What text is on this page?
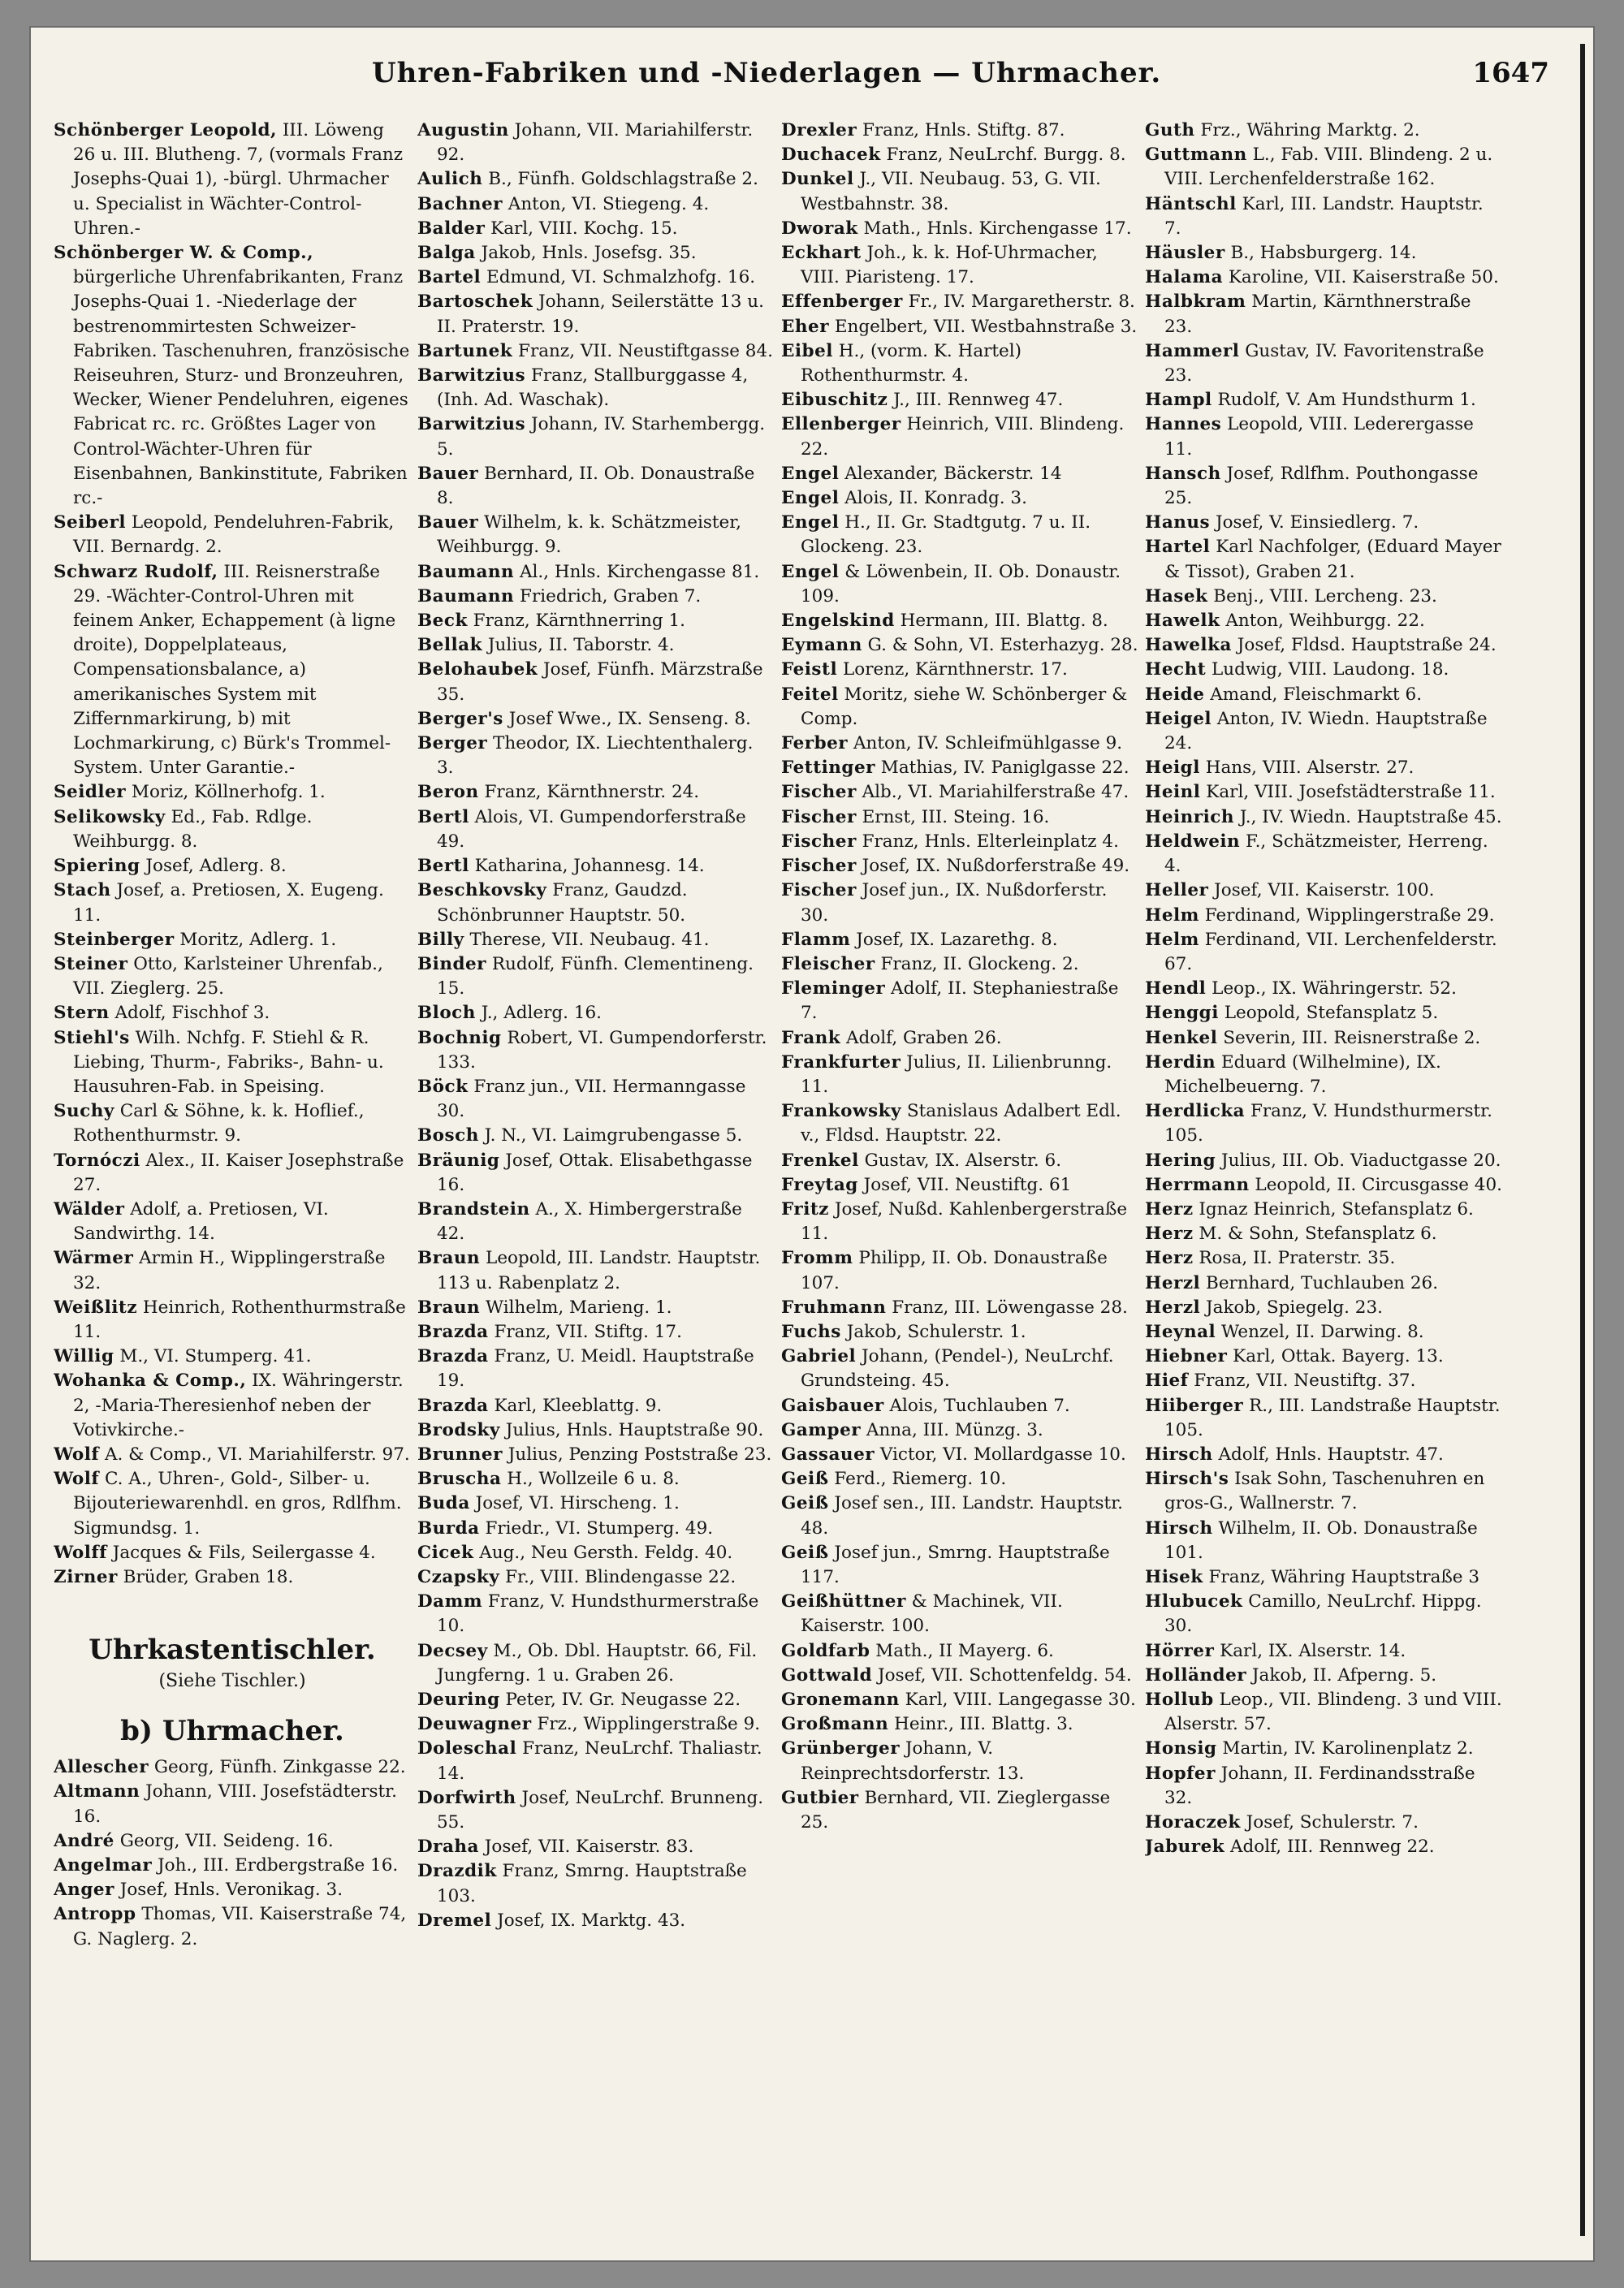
Uhren-Fabriken und -Niederlagen — Uhrmacher.	1647

Schönberger Leopold, III. Löweng 26 u. III. Blutheng. 7, (vormals Franz Josephs-Quai 1), -bürgl. Uhrmacher u. Specialist in Wächter-Control-Uhren.-

Schönberger W. & Comp., bürgerliche Uhrenfabrikanten, Franz Josephs-Quai 1. -Niederlage der bestrenommirtesten Schweizer-Fabriken. Taschenuhren, französische Reiseuhren, Sturz- und Bronzeuhren, Wecker, Wiener Pendeluhren, eigenes Fabricat rc. rc. Größtes Lager von Control-Wächter-Uhren für Eisenbahnen, Bankinstitute, Fabriken rc.-

Seiberl Leopold, Pendeluhren-Fabrik, VII. Bernardg. 2.

Schwarz Rudolf, III. Reisnerstraße 29. -Wächter-Control-Uhren mit feinem Anker, Echappement (à ligne droite), Doppelplateaus, Compensationsbalance, a) amerikanisches System mit Ziffernmarkirung, b) mit Lochmarkirung, c) Bürk's Trommel-System. Unter Garantie.-

Seidler Moriz, Köllnerhofg. 1.

Selikowsky Ed., Fab. Rdlge. Weihburgg. 8.

Spiering Josef, Adlerg. 8.

Stach Josef, a. Pretiosen, X. Eugeng. 11.

Steinberger Moritz, Adlerg. 1.

Steiner Otto, Karlsteiner Uhrenfab., VII. Zieglerg. 25.

Stern Adolf, Fischhof 3.

Stiehl's Wilh. Nchfg. F. Stiehl & R. Liebing, Thurm-, Fabriks-, Bahn- u. Hausuhren-Fab. in Speising.

Suchy Carl & Söhne, k. k. Hoflief., Rothenthurmstr. 9.

Tornóczi Alex., II. Kaiser Josephstraße 27.

Wälder Adolf, a. Pretiosen, VI. Sandwirthg. 14.

Wärmer Armin H., Wipplingerstraße 32.

Weißlitz Heinrich, Rothenthurmstraße 11.

Willig M., VI. Stumperg. 41.

Wohanka & Comp., IX. Währingerstr. 2, -Maria-Theresienhof neben der Votivkirche.-

Wolf A. & Comp., VI. Mariahilferstr. 97.

Wolf C. A., Uhren-, Gold-, Silber- u. Bijouteriewarenhdl. en gros, Rdlfhm. Sigmundsg. 1.

Wolff Jacques & Fils, Seilergasse 4.

Zirner Brüder, Graben 18.

Uhrkastentischler.
(Siehe Tischler.)
b) Uhrmacher.

Allescher Georg, Fünfh. Zinkgasse 22.

Altmann Johann, VIII. Josefstädterstr. 16.

André Georg, VII. Seideng. 16.

Angelmar Joh., III. Erdbergstraße 16.

Anger Josef, Hnls. Veronikag. 3.

Antropp Thomas, VII. Kaiserstraße 74, G. Naglerg. 2.

Augustin Johann, VII. Mariahilferstr. 92.

Aulich B., Fünfh. Goldschlagstraße 2.

Bachner Anton, VI. Stiegeng. 4.

Balder Karl, VIII. Kochg. 15.

Balga Jakob, Hnls. Josefsg. 35.

Bartel Edmund, VI. Schmalzhofg. 16.

Bartoschek Johann, Seilerstätte 13 u. II. Praterstr. 19.

Bartunek Franz, VII. Neustiftgasse 84.

Barwitzius Franz, Stallburggasse 4, (Inh. Ad. Waschak).

Barwitzius Johann, IV. Starhembergg. 5.

Bauer Bernhard, II. Ob. Donaustraße 8.

Bauer Wilhelm, k. k. Schätzmeister, Weihburgg. 9.

Baumann Al., Hnls. Kirchengasse 81.

Baumann Friedrich, Graben 7.

Beck Franz, Kärnthnerring 1.

Bellak Julius, II. Taborstr. 4.

Belohaubek Josef, Fünfh. Märzstraße 35.

Berger's Josef Wwe., IX. Senseng. 8.

Berger Theodor, IX. Liechtenthalerg. 3.

Beron Franz, Kärnthnerstr. 24.

Bertl Alois, VI. Gumpendorferstraße 49.

Bertl Katharina, Johannesg. 14.

Beschkovsky Franz, Gaudzd. Schönbrunner Hauptstr. 50.

Billy Therese, VII. Neubaug. 41.

Binder Rudolf, Fünfh. Clementineng. 15.

Bloch J., Adlerg. 16.

Bochnig Robert, VI. Gumpendorferstr. 133.

Böck Franz jun., VII. Hermanngasse 30.

Bosch J. N., VI. Laimgrubengasse 5.

Bräunig Josef, Ottak. Elisabethgasse 16.

Brandstein A., X. Himbergerstraße 42.

Braun Leopold, III. Landstr. Hauptstr. 113 u. Rabenplatz 2.

Braun Wilhelm, Marieng. 1.

Brazda Franz, VII. Stiftg. 17.

Brazda Franz, U. Meidl. Hauptstraße 19.

Brazda Karl, Kleeblattg. 9.

Brodsky Julius, Hnls. Hauptstraße 90.

Brunner Julius, Penzing Poststraße 23.

Bruscha H., Wollzeile 6 u. 8.

Buda Josef, VI. Hirscheng. 1.

Burda Friedr., VI. Stumperg. 49.

Cicek Aug., Neu Gersth. Feldg. 40.

Czapsky Fr., VIII. Blindengasse 22.

Damm Franz, V. Hundsthurmerstraße 10.

Decsey M., Ob. Dbl. Hauptstr. 66, Fil. Jungferng. 1 u. Graben 26.

Deuring Peter, IV. Gr. Neugasse 22.

Deuwagner Frz., Wipplingerstraße 9.

Doleschal Franz, NeuLrchf. Thaliastr. 14.

Dorfwirth Josef, NeuLrchf. Brunneng. 55.

Draha Josef, VII. Kaiserstr. 83.

Drazdik Franz, Smrng. Hauptstraße 103.

Dremel Josef, IX. Marktg. 43.

Drexler Franz, Hnls. Stiftg. 87.

Duchacek Franz, NeuLrchf. Burgg. 8.

Dunkel J., VII. Neubaug. 53, G. VII. Westbahnstr. 38.

Dworak Math., Hnls. Kirchengasse 17.

Eckhart Joh., k. k. Hof-Uhrmacher, VIII. Piaristeng. 17.

Effenberger Fr., IV. Margaretherstr. 8.

Eher Engelbert, VII. Westbahnstraße 3.

Eibel H., (vorm. K. Hartel) Rothenthurmstr. 4.

Eibuschitz J., III. Rennweg 47.

Ellenberger Heinrich, VIII. Blindeng. 22.

Engel Alexander, Bäckerstr. 14

Engel Alois, II. Konradg. 3.

Engel H., II. Gr. Stadtgutg. 7 u. II. Glockeng. 23.

Engel & Löwenbein, II. Ob. Donaustr. 109.

Engelskind Hermann, III. Blattg. 8.

Eymann G. & Sohn, VI. Esterhazyg. 28.

Feistl Lorenz, Kärnthnerstr. 17.

Feitel Moritz, siehe W. Schönberger & Comp.

Ferber Anton, IV. Schleifmühlgasse 9.

Fettinger Mathias, IV. Paniglgasse 22.

Fischer Alb., VI. Mariahilferstraße 47.

Fischer Ernst, III. Steing. 16.

Fischer Franz, Hnls. Elterleinplatz 4.

Fischer Josef, IX. Nußdorferstraße 49.

Fischer Josef jun., IX. Nußdorferstr. 30.

Flamm Josef, IX. Lazarethg. 8.

Fleischer Franz, II. Glockeng. 2.

Fleminger Adolf, II. Stephaniestraße 7.

Frank Adolf, Graben 26.

Frankfurter Julius, II. Lilienbrunng. 11.

Frankowsky Stanislaus Adalbert Edl. v., Fldsd. Hauptstr. 22.

Frenkel Gustav, IX. Alserstr. 6.

Freytag Josef, VII. Neustiftg. 61

Fritz Josef, Nußd. Kahlenbergerstraße 11.

Fromm Philipp, II. Ob. Donaustraße 107.

Fruhmann Franz, III. Löwengasse 28.

Fuchs Jakob, Schulerstr. 1.

Gabriel Johann, (Pendel-), NeuLrchf. Grundsteing. 45.

Gaisbauer Alois, Tuchlauben 7.

Gamper Anna, III. Münzg. 3.

Gassauer Victor, VI. Mollardgasse 10.

Geiß Ferd., Riemerg. 10.

Geiß Josef sen., III. Landstr. Hauptstr. 48.

Geiß Josef jun., Smrng. Hauptstraße 117.

Geißhüttner & Machinek, VII. Kaiserstr. 100.

Goldfarb Math., II Mayerg. 6.

Gottwald Josef, VII. Schottenfeldg. 54.

Gronemann Karl, VIII. Langegasse 30.

Großmann Heinr., III. Blattg. 3.

Grünberger Johann, V. Reinprechtsdorferstr. 13.

Gutbier Bernhard, VII. Zieglergasse 25.

Guth Frz., Währing Marktg. 2.

Guttmann L., Fab. VIII. Blindeng. 2 u. VIII. Lerchenfelderstraße 162.

Häntschl Karl, III. Landstr. Hauptstr. 7.

Häusler B., Habsburgerg. 14.

Halama Karoline, VII. Kaiserstraße 50.

Halbkram Martin, Kärnthnerstraße 23.

Hammerl Gustav, IV. Favoritenstraße 23.

Hampl Rudolf, V. Am Hundsthurm 1.

Hannes Leopold, VIII. Lederergasse 11.

Hansch Josef, Rdlfhm. Pouthongasse 25.

Hanus Josef, V. Einsiedlerg. 7.

Hartel Karl Nachfolger, (Eduard Mayer & Tissot), Graben 21.

Hasek Benj., VIII. Lercheng. 23.

Hawelk Anton, Weihburgg. 22.

Hawelka Josef, Fldsd. Hauptstraße 24.

Hecht Ludwig, VIII. Laudong. 18.

Heide Amand, Fleischmarkt 6.

Heigel Anton, IV. Wiedn. Hauptstraße 24.

Heigl Hans, VIII. Alserstr. 27.

Heinl Karl, VIII. Josefstädterstraße 11.

Heinrich J., IV. Wiedn. Hauptstraße 45.

Heldwein F., Schätzmeister, Herreng. 4.

Heller Josef, VII. Kaiserstr. 100.

Helm Ferdinand, Wipplingerstraße 29.

Helm Ferdinand, VII. Lerchenfelderstr. 67.

Hendl Leop., IX. Währingerstr. 52.

Henggi Leopold, Stefansplatz 5.

Henkel Severin, III. Reisnerstraße 2.

Herdin Eduard (Wilhelmine), IX. Michelbeuerng. 7.

Herdlicka Franz, V. Hundsthurmerstr. 105.

Hering Julius, III. Ob. Viaductgasse 20.

Herrmann Leopold, II. Circusgasse 40.

Herz Ignaz Heinrich, Stefansplatz 6.

Herz M. & Sohn, Stefansplatz 6.

Herz Rosa, II. Praterstr. 35.

Herzl Bernhard, Tuchlauben 26.

Herzl Jakob, Spiegelg. 23.

Heynal Wenzel, II. Darwing. 8.

Hiebner Karl, Ottak. Bayerg. 13.

Hief Franz, VII. Neustiftg. 37.

Hiiberger R., III. Landstraße Hauptstr. 105.

Hirsch Adolf, Hnls. Hauptstr. 47.

Hirsch's Isak Sohn, Taschenuhren en gros-G., Wallnerstr. 7.

Hirsch Wilhelm, II. Ob. Donaustraße 101.

Hisek Franz, Währing Hauptstraße 3

Hlubucek Camillo, NeuLrchf. Hippg. 30.

Hörrer Karl, IX. Alserstr. 14.

Holländer Jakob, II. Afperng. 5.

Hollub Leop., VII. Blindeng. 3 und VIII. Alserstr. 57.

Honsig Martin, IV. Karolinenplatz 2.

Hopfer Johann, II. Ferdinandsstraße 32.

Horaczek Josef, Schulerstr. 7.

Jaburek Adolf, III. Rennweg 22.
